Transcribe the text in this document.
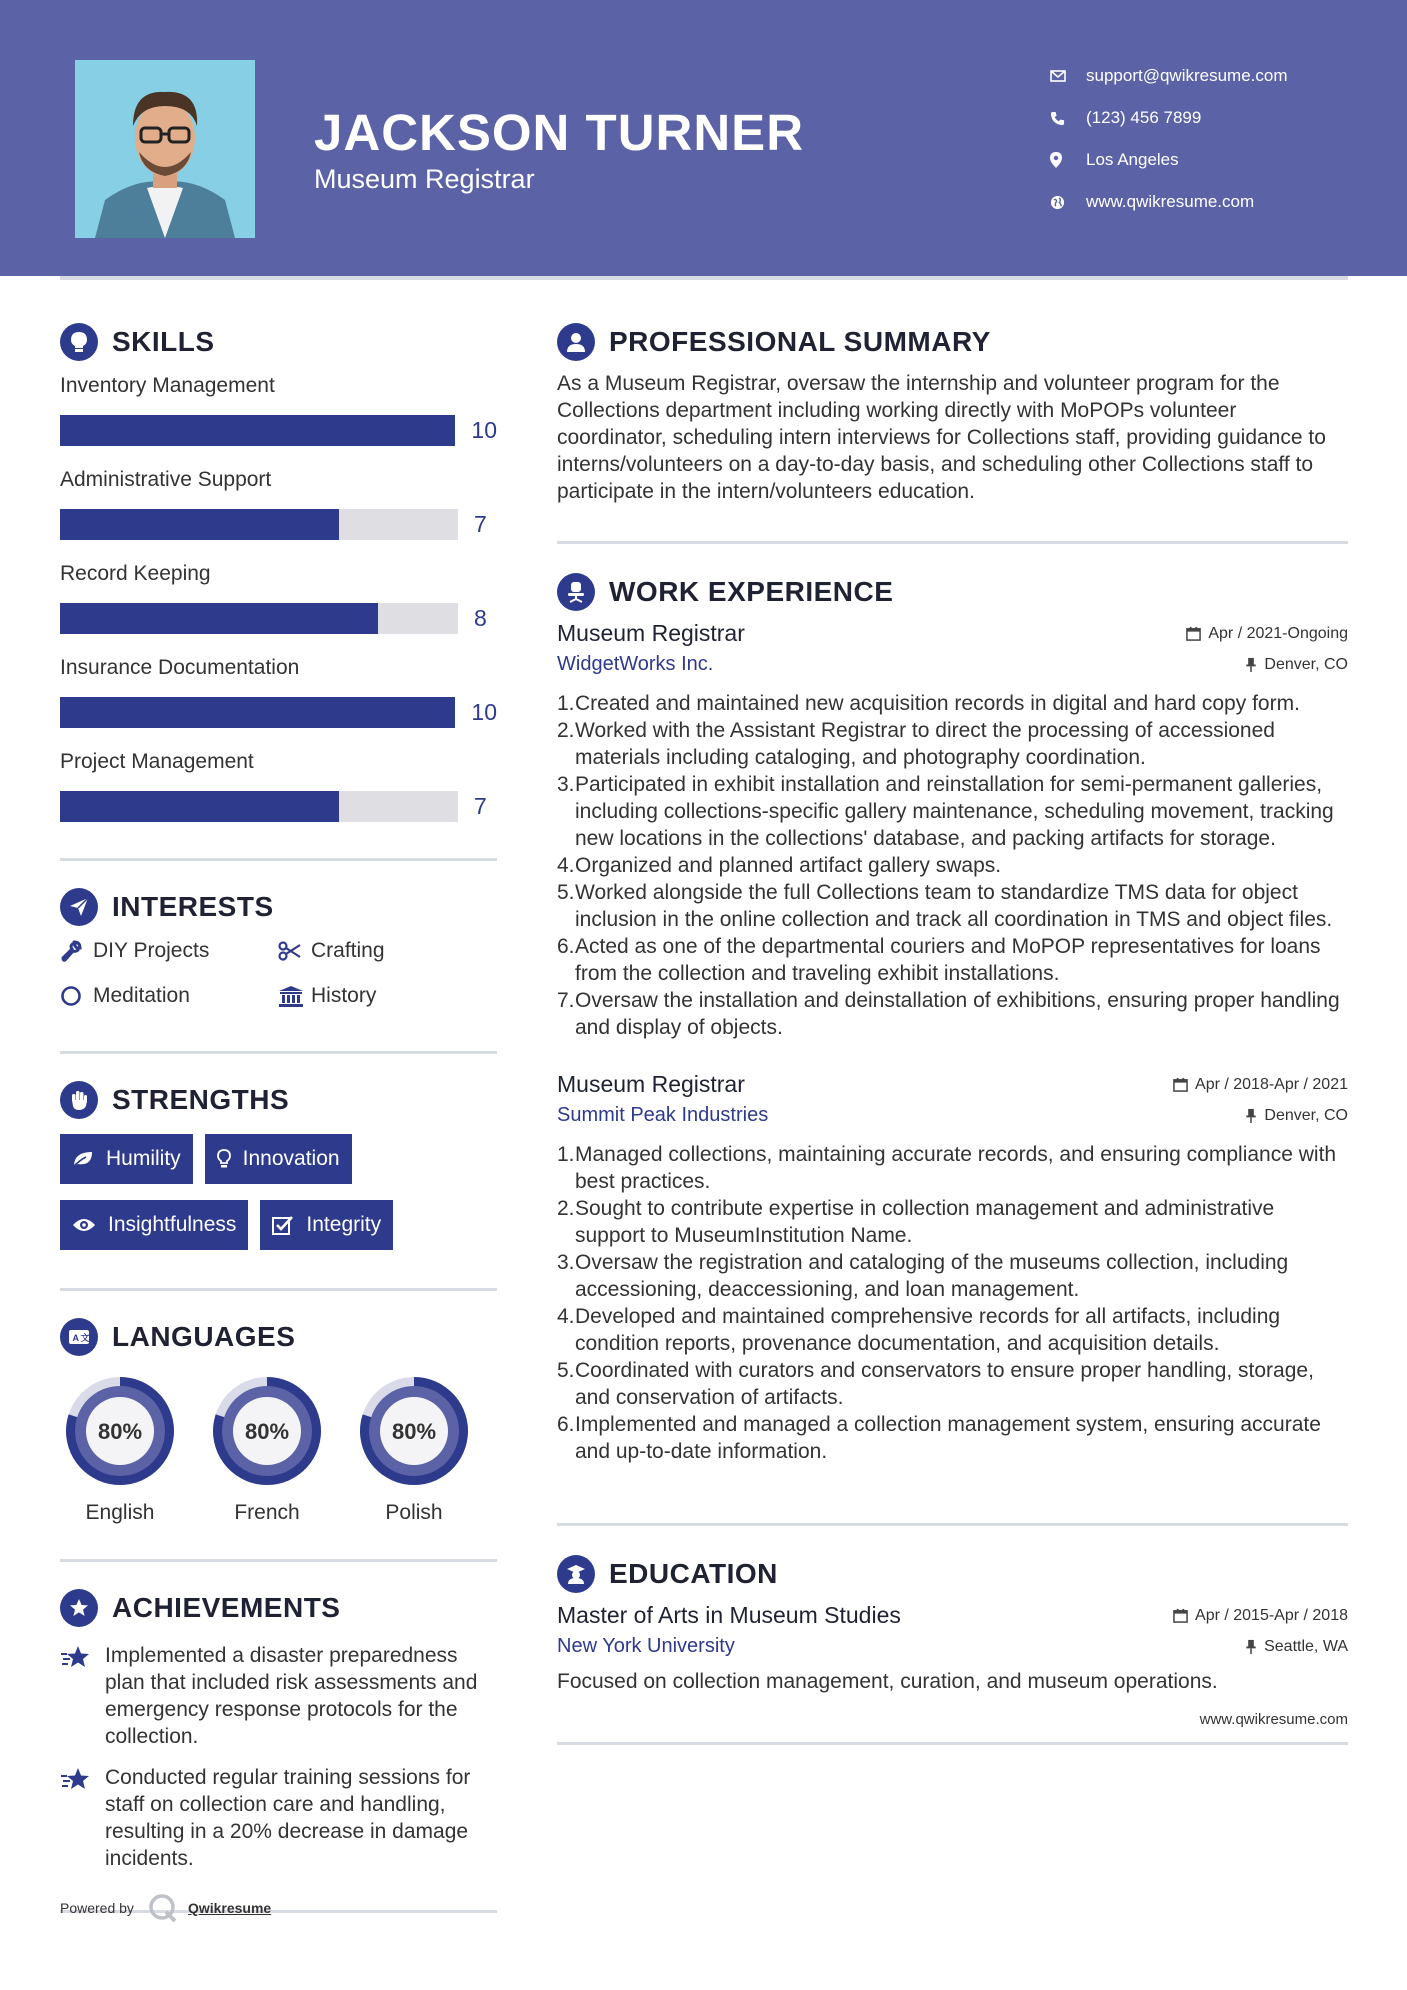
JACKSON TURNER
Museum Registrar
support@qwikresume.com
(123) 456 7899
Los Angeles
www.qwikresume.com
SKILLS
Inventory Management
10
Administrative Support
7
Record Keeping
8
Insurance Documentation
10
Project Management
7
INTERESTS
DIY Projects	Crafting
Meditation	History
STRENGTHS
Humility	Innovation
Insightfulness	Integrity
A 文 LANGUAGES
80%
English
80%
French
80%
Polish
ACHIEVEMENTS
Implemented a disaster preparedness plan that included risk assessments and emergency response protocols for the collection.
Conducted regular training sessions for staff on collection care and handling, resulting in a 20% decrease in damage incidents.
Powered by	Qwikresume
PROFESSIONAL SUMMARY
As a Museum Registrar, oversaw the internship and volunteer program for the Collections department including working directly with MoPOPs volunteer coordinator, scheduling intern interviews for Collections staff, providing guidance to interns/volunteers on a day-to-day basis, and scheduling other Collections staff to participate in the intern/volunteers education.
WORK EXPERIENCE
Museum Registrar	Apr / 2021-Ongoing
WidgetWorks Inc.	Denver, CO
1. Created and maintained new acquisition records in digital and hard copy form.
2. Worked with the Assistant Registrar to direct the processing of accessioned materials including cataloging, and photography coordination.
3. Participated in exhibit installation and reinstallation for semi-permanent galleries, including collections-specific gallery maintenance, scheduling movement, tracking new locations in the collections' database, and packing artifacts for storage.
4. Organized and planned artifact gallery swaps.
5. Worked alongside the full Collections team to standardize TMS data for object inclusion in the online collection and track all coordination in TMS and object files.
6. Acted as one of the departmental couriers and MoPOP representatives for loans from the collection and traveling exhibit installations.
7. Oversaw the installation and deinstallation of exhibitions, ensuring proper handling and display of objects.
Museum Registrar	Apr / 2018-Apr / 2021
Summit Peak Industries	Denver, CO
1. Managed collections, maintaining accurate records, and ensuring compliance with best practices.
2. Sought to contribute expertise in collection management and administrative support to MuseumInstitution Name.
3. Oversaw the registration and cataloging of the museums collection, including accessioning, deaccessioning, and loan management.
4. Developed and maintained comprehensive records for all artifacts, including condition reports, provenance documentation, and acquisition details.
5. Coordinated with curators and conservators to ensure proper handling, storage, and conservation of artifacts.
6. Implemented and managed a collection management system, ensuring accurate and up-to-date information.
EDUCATION
Master of Arts in Museum Studies	Apr / 2015-Apr / 2018
New York University	Seattle, WA
Focused on collection management, curation, and museum operations.
www.qwikresume.com
